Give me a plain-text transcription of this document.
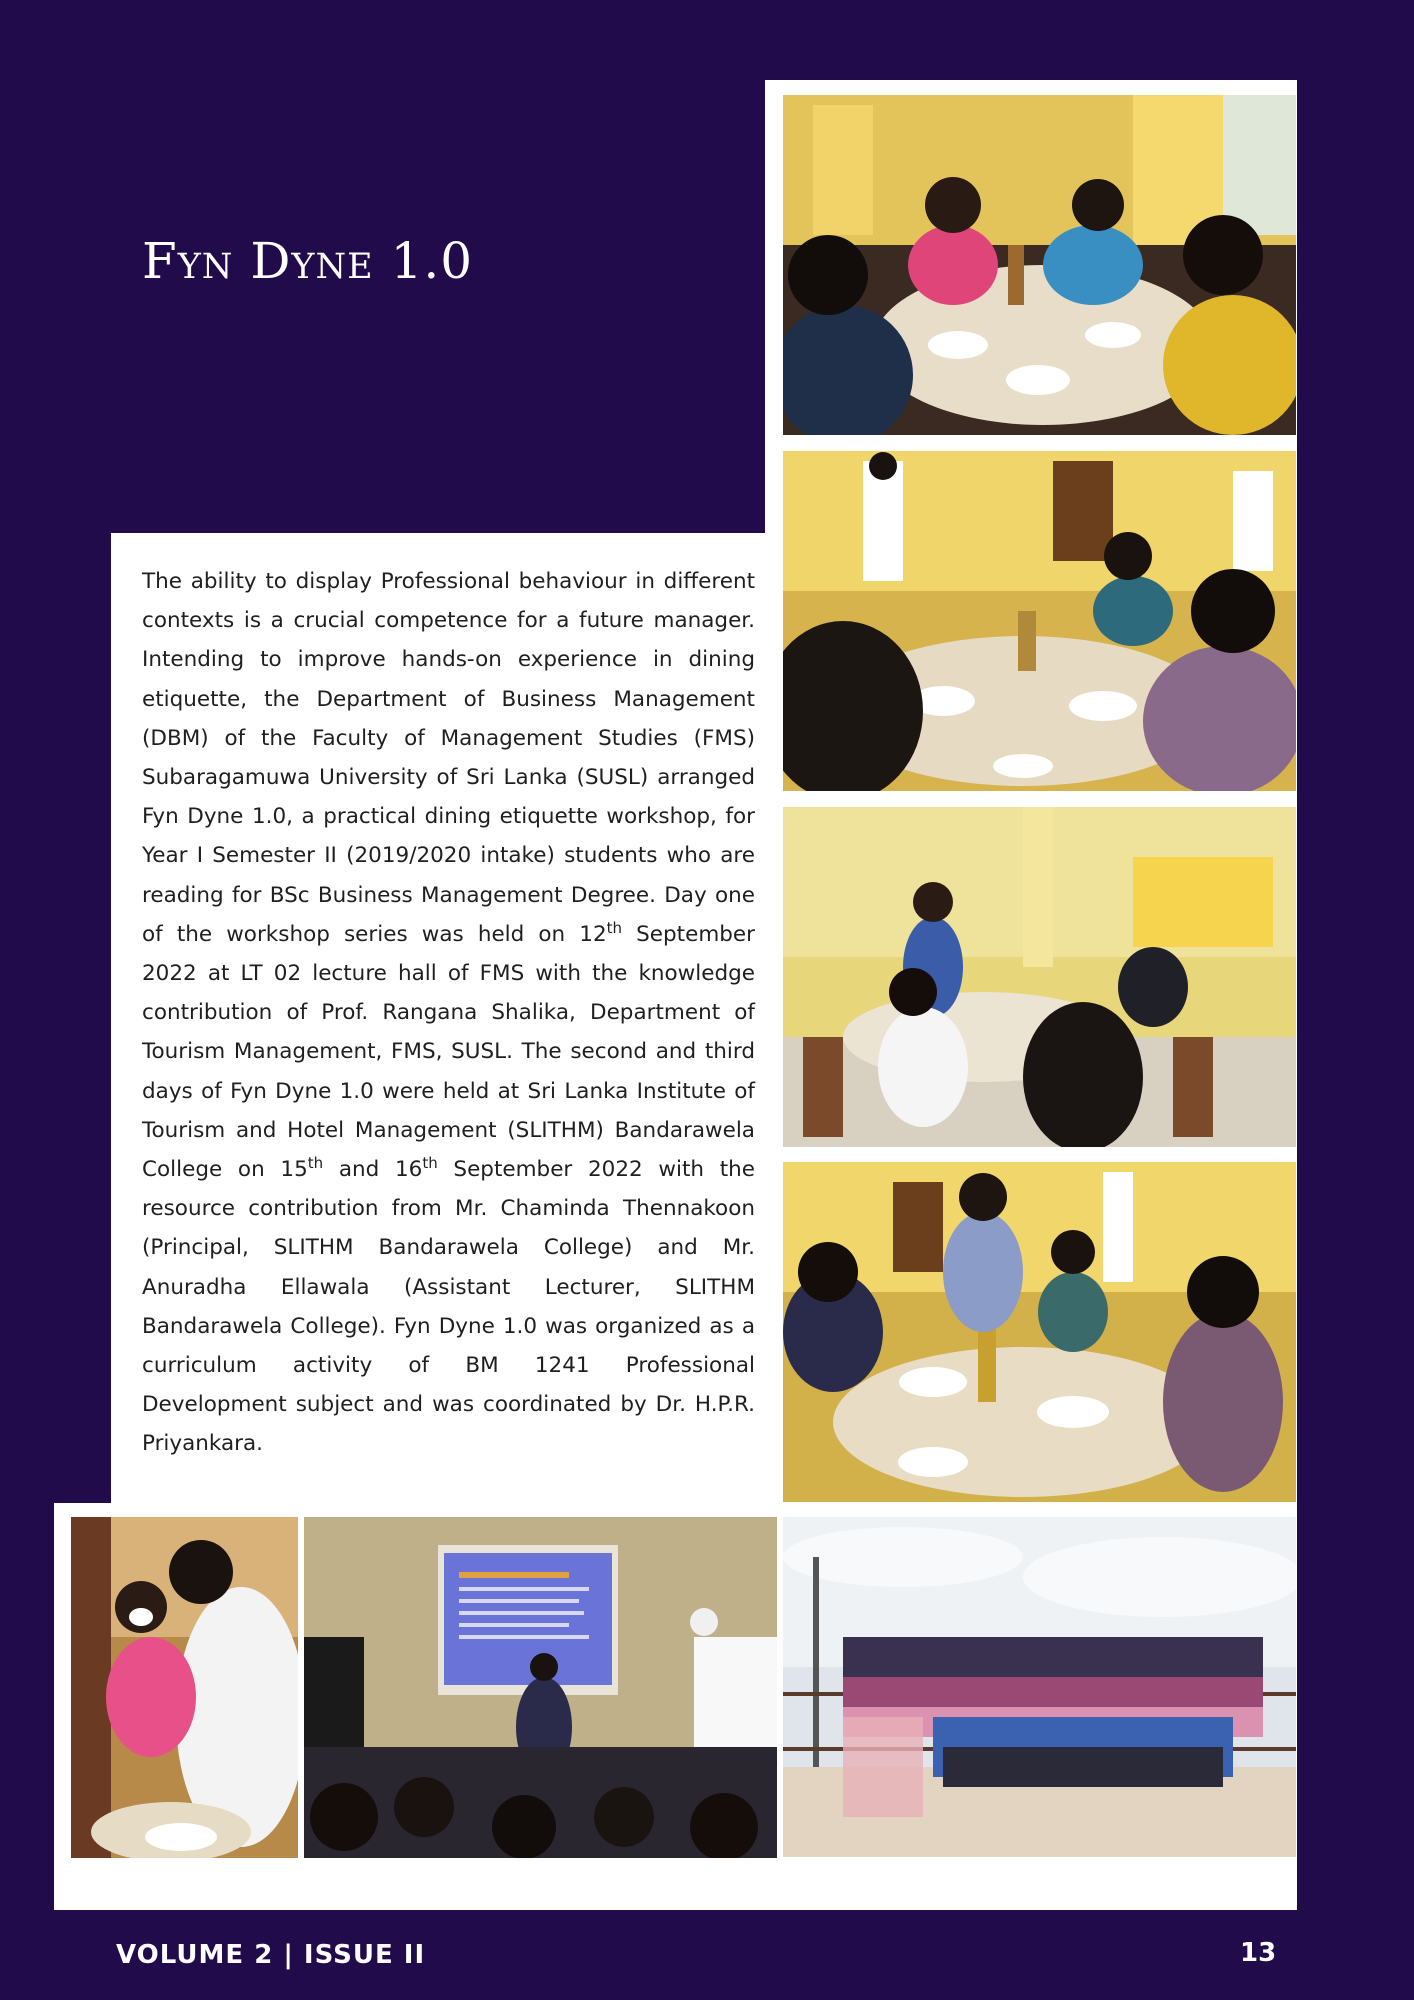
Fyn Dyne 1.0
The ability to display Professional behaviour in different contexts is a crucial competence for a future manager. Intending to improve hands-on experience in dining etiquette, the Department of Business Management (DBM) of the Faculty of Management Studies (FMS) Subaragamuwa University of Sri Lanka (SUSL) arranged Fyn Dyne 1.0, a practical dining etiquette workshop, for Year I Semester II (2019/2020 intake) students who are reading for BSc Business Management Degree. Day one of the workshop series was held on 12th September 2022 at LT 02 lecture hall of FMS with the knowledge contribution of Prof. Rangana Shalika, Department of Tourism Management, FMS, SUSL. The second and third days of Fyn Dyne 1.0 were held at Sri Lanka Institute of Tourism and Hotel Management (SLITHM) Bandarawela College on 15th and 16th September 2022 with the resource contribution from Mr. Chaminda Thennakoon (Principal, SLITHM Bandarawela College) and Mr. Anuradha Ellawala (Assistant Lecturer, SLITHM Bandarawela College). Fyn Dyne 1.0 was organized as a curriculum activity of BM 1241 Professional Development subject and was coordinated by Dr. H.P.R. Priyankara.
VOLUME 2 | ISSUE II	13
